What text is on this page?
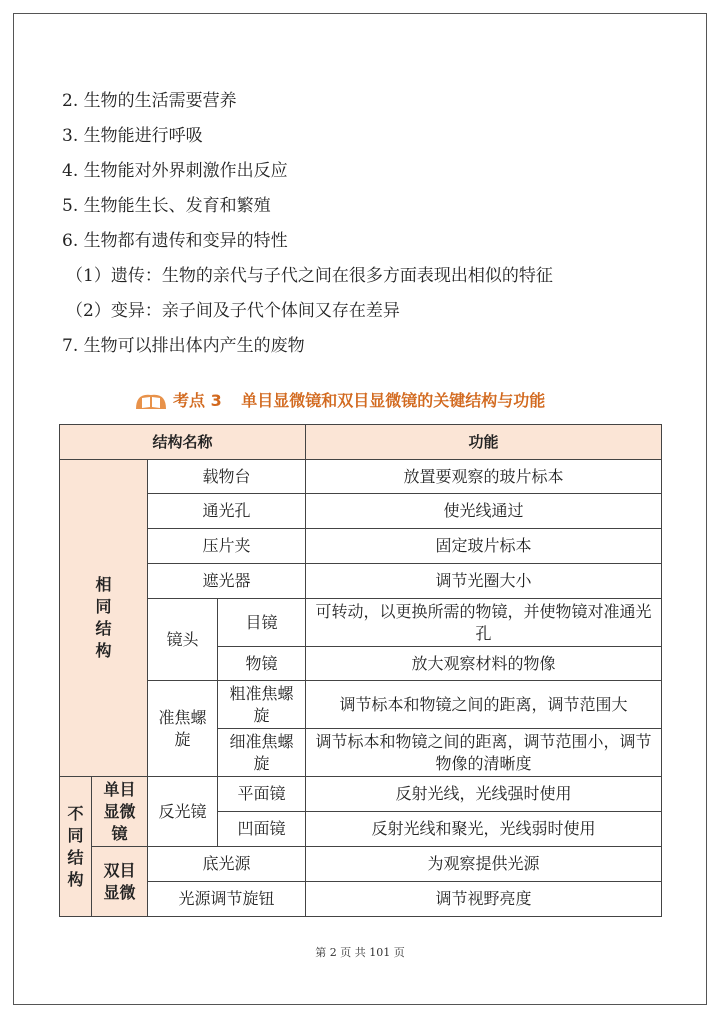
2. 生物的生活需要营养
3. 生物能进行呼吸
4. 生物能对外界刺激作出反应
5. 生物能生长、发育和繁殖
6. 生物都有遗传和变异的特性
（1）遗传：生物的亲代与子代之间在很多方面表现出相似的特征
（2）变异：亲子间及子代个体间又存在差异
7. 生物可以排出体内产生的废物
考点 3 单目显微镜和双目显微镜的关键结构与功能
结构名称				功能
相同结构		载物台		放置要观察的玻片标本
		通光孔		使光线通过
		压片夹		固定玻片标本
		遮光器		调节光圈大小
		镜头	目镜	可转动，以更换所需的物镜，并使物镜对准通光孔
			物镜	放大观察材料的物像
		准焦螺旋	粗准焦螺旋	调节标本和物镜之间的距离，调节范围大
			细准焦螺旋	调节标本和物镜之间的距离，调节范围小，调节物像的清晰度
不同结构	单目显微镜	反光镜	平面镜	反射光线，光线强时使用
			凹面镜	反射光线和聚光，光线弱时使用
	双目显微	底光源		为观察提供光源
		光源调节旋钮		调节视野亮度
第 2 页 共 101 页
